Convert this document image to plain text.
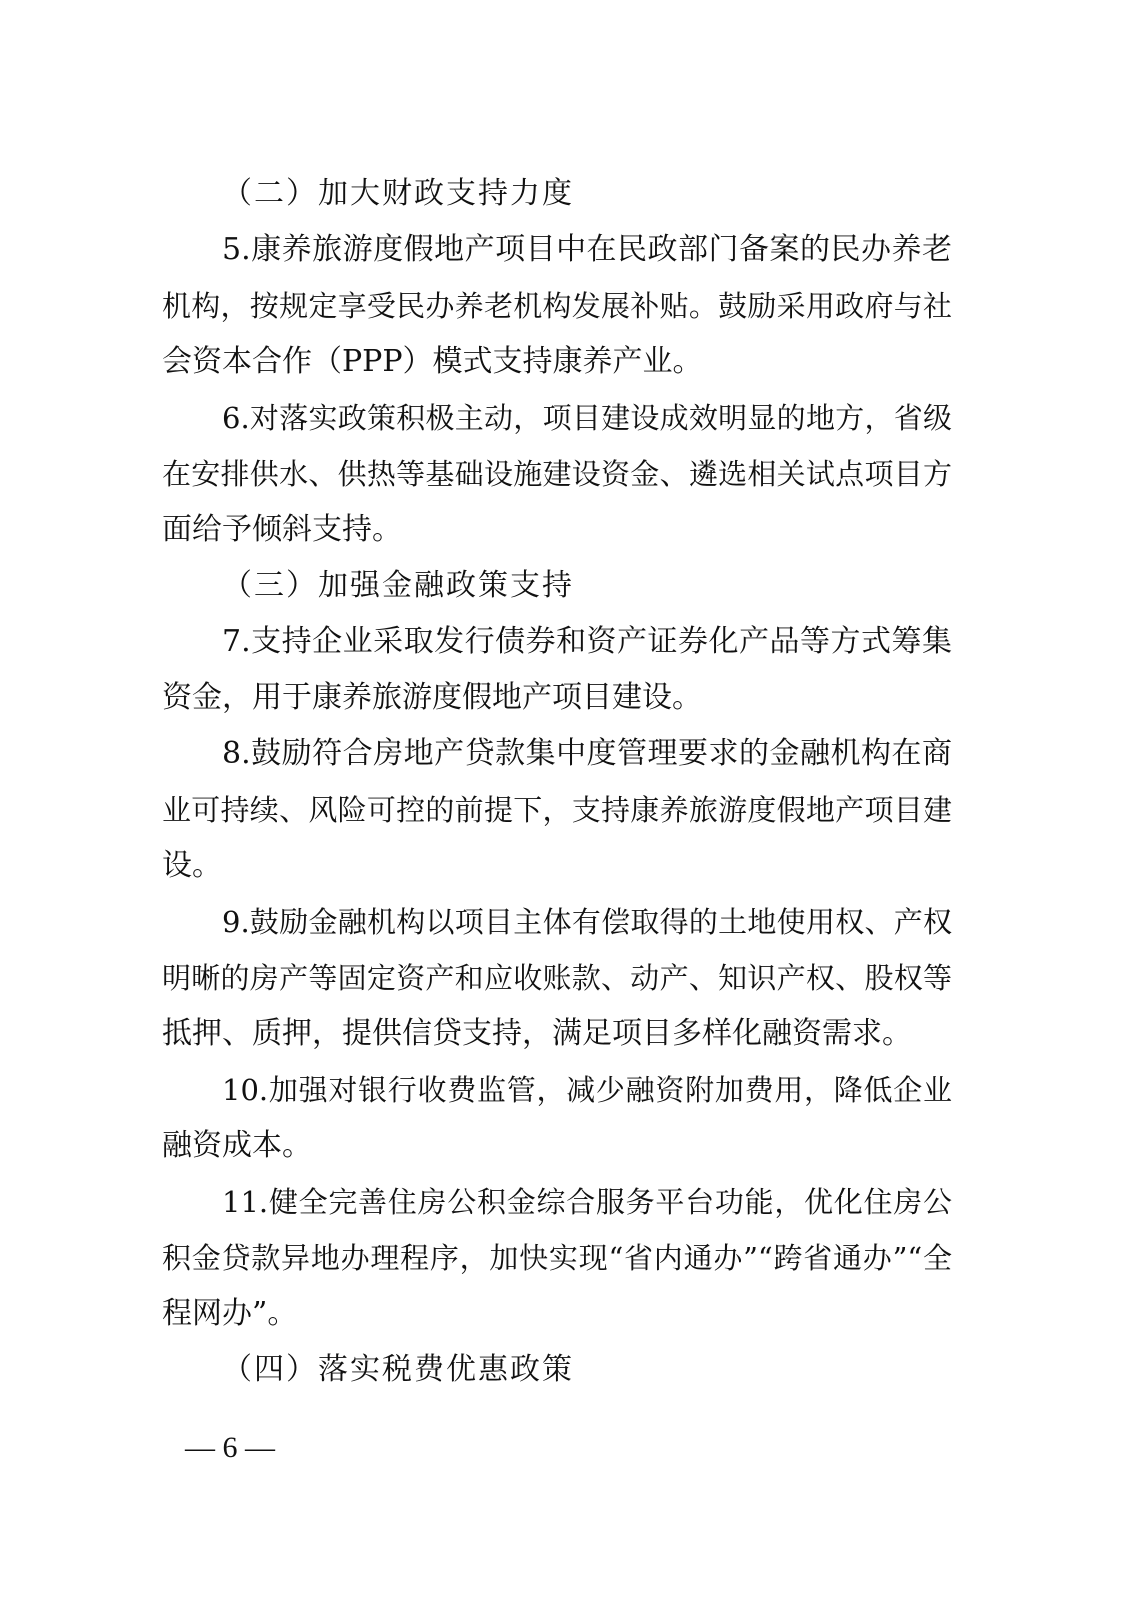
（二）加大财政支持力度
5.康养旅游度假地产项目中在民政部门备案的民办养老
机构，按规定享受民办养老机构发展补贴。鼓励采用政府与社
会资本合作（PPP）模式支持康养产业。
6.对落实政策积极主动，项目建设成效明显的地方，省级
在安排供水、供热等基础设施建设资金、遴选相关试点项目方
面给予倾斜支持。
（三）加强金融政策支持
7.支持企业采取发行债券和资产证券化产品等方式筹集
资金，用于康养旅游度假地产项目建设。
8.鼓励符合房地产贷款集中度管理要求的金融机构在商
业可持续、风险可控的前提下，支持康养旅游度假地产项目建
设。
9.鼓励金融机构以项目主体有偿取得的土地使用权、产权
明晰的房产等固定资产和应收账款、动产、知识产权、股权等
抵押、质押，提供信贷支持，满足项目多样化融资需求。
10.加强对银行收费监管，减少融资附加费用，降低企业
融资成本。
11.健全完善住房公积金综合服务平台功能，优化住房公
积金贷款异地办理程序，加快实现“省内通办”“跨省通办”“全
程网办”。
（四）落实税费优惠政策
— 6 —
